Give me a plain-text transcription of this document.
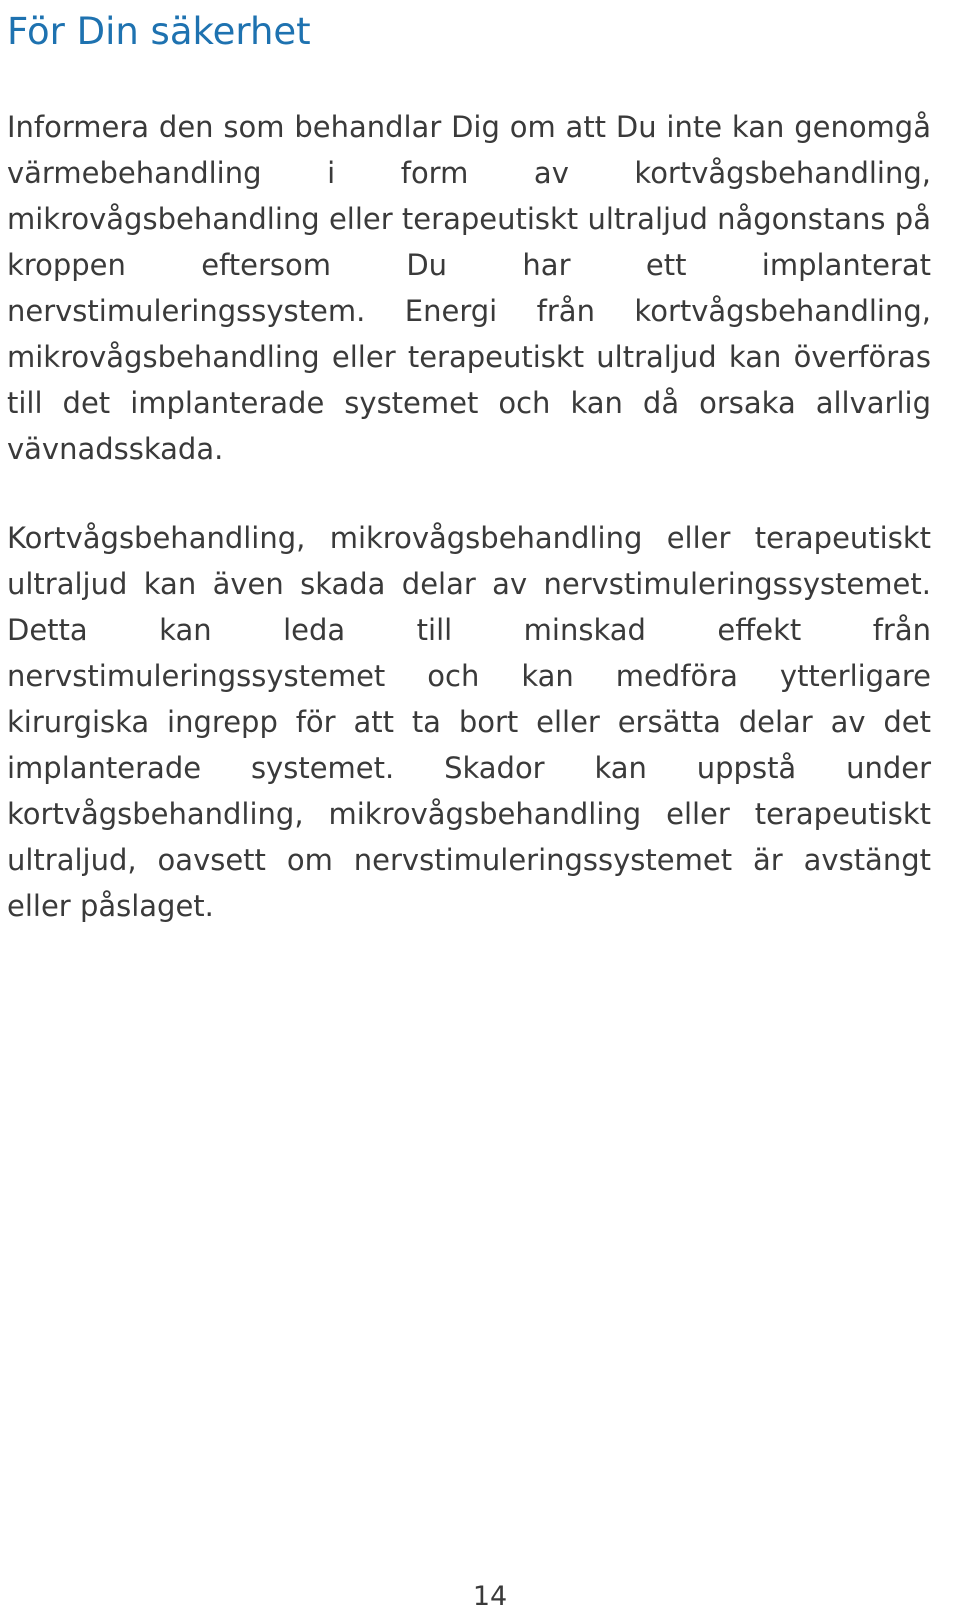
För Din säkerhet

Informera den som behandlar Dig om att Du inte kan genomgå värmebehandling i form av kortvågsbehandling, mikrovågsbehandling eller terapeutiskt ultraljud någonstans på kroppen eftersom Du har ett implanterat nervstimuleringssystem. Energi från kortvågsbehandling, mikrovågsbehandling eller terapeutiskt ultraljud kan överföras till det implanterade systemet och kan då orsaka allvarlig vävnadsskada.

Kortvågsbehandling, mikrovågsbehandling eller terapeutiskt ultraljud kan även skada delar av nervstimuleringssystemet. Detta kan leda till minskad effekt från nervstimuleringssystemet och kan medföra ytterligare kirurgiska ingrepp för att ta bort eller ersätta delar av det implanterade systemet. Skador kan uppstå under kortvågsbehandling, mikrovågsbehandling eller terapeutiskt ultraljud, oavsett om nervstimuleringssystemet är avstängt eller påslaget.

14
